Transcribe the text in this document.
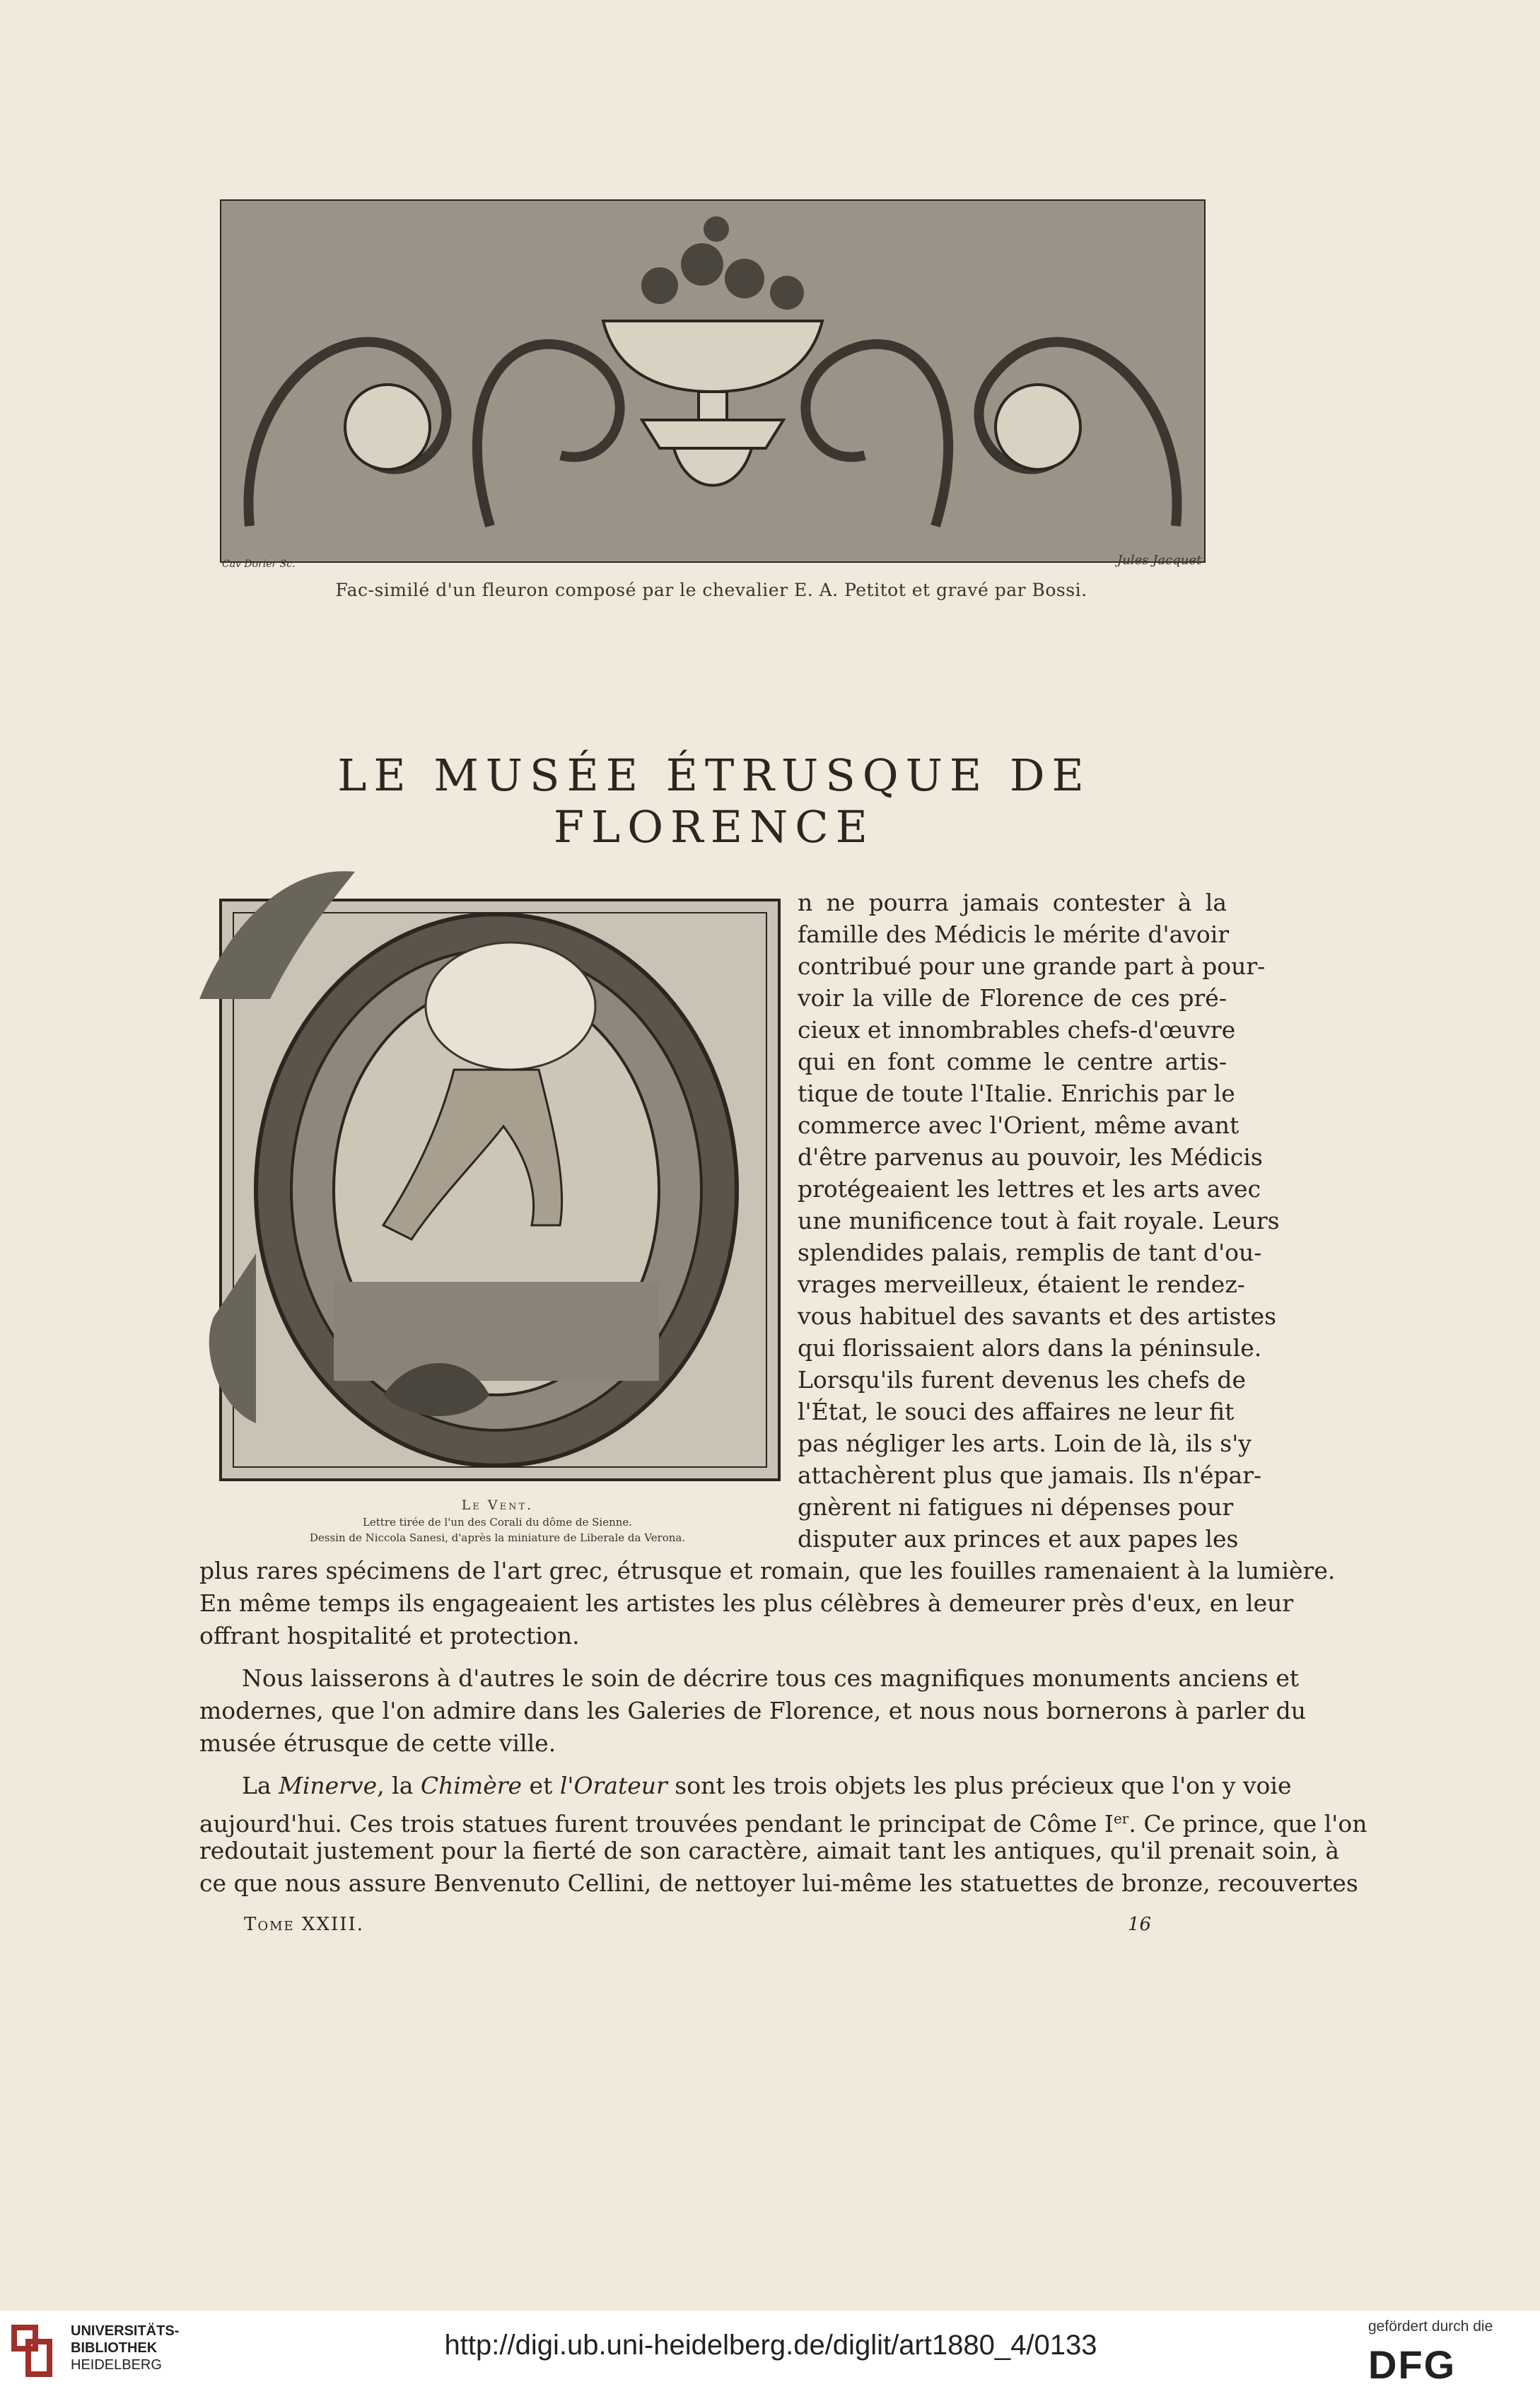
Cav Dorier Sc.	Jules Jacquet
Fac-similé d'un fleuron composé par le chevalier E. A. Petitot et gravé par Bossi.
LE MUSÉE ÉTRUSQUE DE FLORENCE
Le Vent.
Lettre tirée de l'un des Corali du dôme de Sienne.
Dessin de Niccola Sanesi, d'après la miniature de Liberale da Verona.
n ne pourra jamais contester à la
famille des Médicis le mérite d'avoir
contribué pour une grande part à pour-
voir la ville de Florence de ces pré-
cieux et innombrables chefs-d'œuvre
qui en font comme le centre artis-
tique de toute l'Italie. Enrichis par le
commerce avec l'Orient, même avant
d'être parvenus au pouvoir, les Médicis
protégeaient les lettres et les arts avec
une munificence tout à fait royale. Leurs
splendides palais, remplis de tant d'ou-
vrages merveilleux, étaient le rendez-
vous habituel des savants et des artistes
qui florissaient alors dans la péninsule.
Lorsqu'ils furent devenus les chefs de
l'État, le souci des affaires ne leur fit
pas négliger les arts. Loin de là, ils s'y
attachèrent plus que jamais. Ils n'épar-
gnèrent ni fatigues ni dépenses pour
disputer aux princes et aux papes les
plus rares spécimens de l'art grec, étrusque et romain, que les fouilles ramenaient à la lumière.
En même temps ils engageaient les artistes les plus célèbres à demeurer près d'eux, en leur
offrant hospitalité et protection.
Nous laisserons à d'autres le soin de décrire tous ces magnifiques monuments anciens et
modernes, que l'on admire dans les Galeries de Florence, et nous nous bornerons à parler du
musée étrusque de cette ville.
La Minerve, la Chimère et l'Orateur sont les trois objets les plus précieux que l'on y voie
aujourd'hui. Ces trois statues furent trouvées pendant le principat de Côme Ier. Ce prince, que l'on
redoutait justement pour la fierté de son caractère, aimait tant les antiques, qu'il prenait soin, à
ce que nous assure Benvenuto Cellini, de nettoyer lui-même les statuettes de bronze, recouvertes
Tome XXIII.	16
UNIVERSITÄTS-
BIBLIOTHEK
HEIDELBERG
http://digi.ub.uni-heidelberg.de/diglit/art1880_4/0133
gefördert durch die
DFG
